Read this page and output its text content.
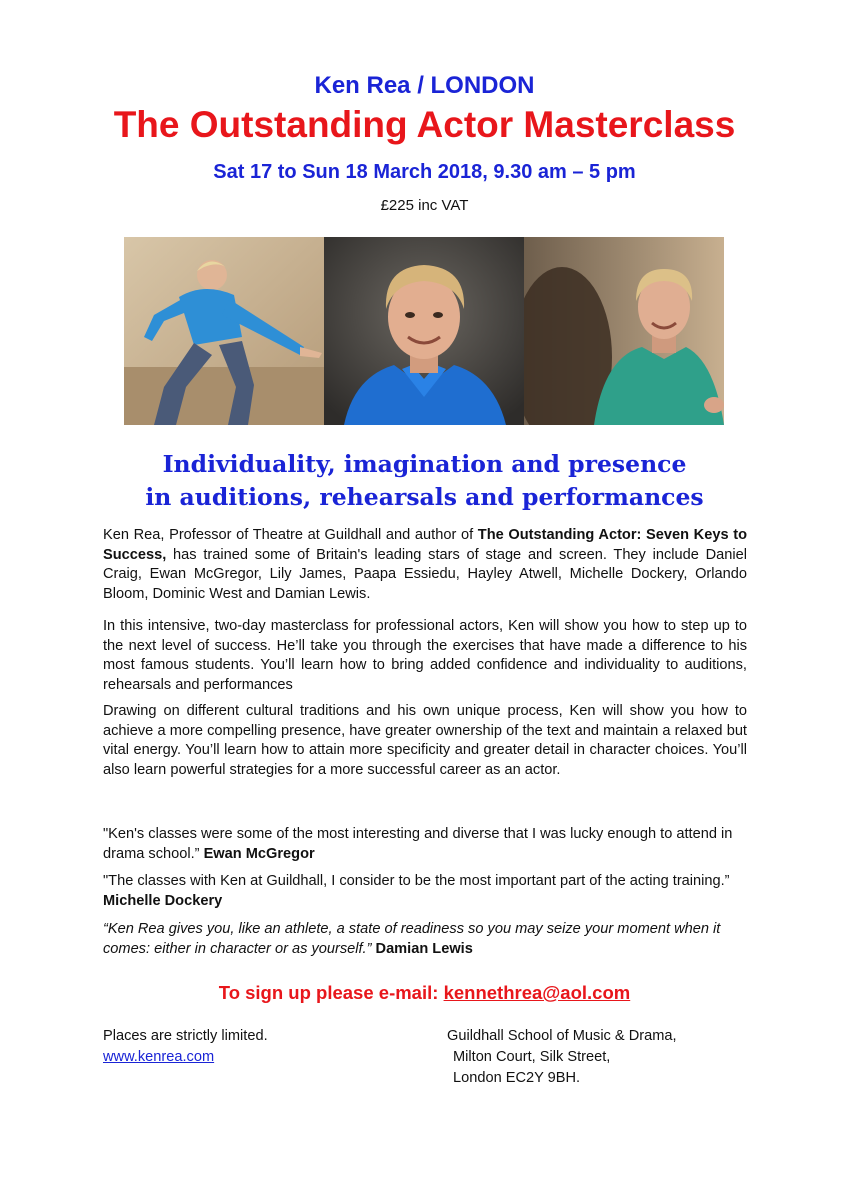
Ken Rea / LONDON
The Outstanding Actor Masterclass
Sat 17 to Sun 18 March 2018, 9.30 am – 5 pm
£225 inc VAT
Individuality, imagination and presence
in auditions, rehearsals and performances
Ken Rea, Professor of Theatre at Guildhall and author of The Outstanding Actor: Seven Keys to Success, has trained some of Britain's leading stars of stage and screen. They include Daniel Craig, Ewan McGregor, Lily James, Paapa Essiedu, Hayley Atwell, Michelle Dockery, Orlando Bloom, Dominic West and Damian Lewis.
In this intensive, two-day masterclass for professional actors, Ken will show you how to step up to the next level of success. He’ll take you through the exercises that have made a difference to his most famous students. You’ll learn how to bring added confidence and individuality to auditions, rehearsals and performances
Drawing on different cultural traditions and his own unique process, Ken will show you how to achieve a more compelling presence, have greater ownership of the text and maintain a relaxed but vital energy. You’ll learn how to attain more specificity and greater detail in character choices. You’ll also learn powerful strategies for a more successful career as an actor.
"Ken's classes were some of the most interesting and diverse that I was lucky enough to attend in drama school.” Ewan McGregor
"The classes with Ken at Guildhall, I consider to be the most important part of the acting training.” Michelle Dockery
“Ken Rea gives you, like an athlete, a state of readiness so you may seize your moment when it comes: either in character or as yourself.” Damian Lewis
To sign up please e-mail: kennethrea@aol.com
Places are strictly limited.
www.kenrea.com
Guildhall School of Music & Drama,
Milton Court, Silk Street,
London EC2Y 9BH.
